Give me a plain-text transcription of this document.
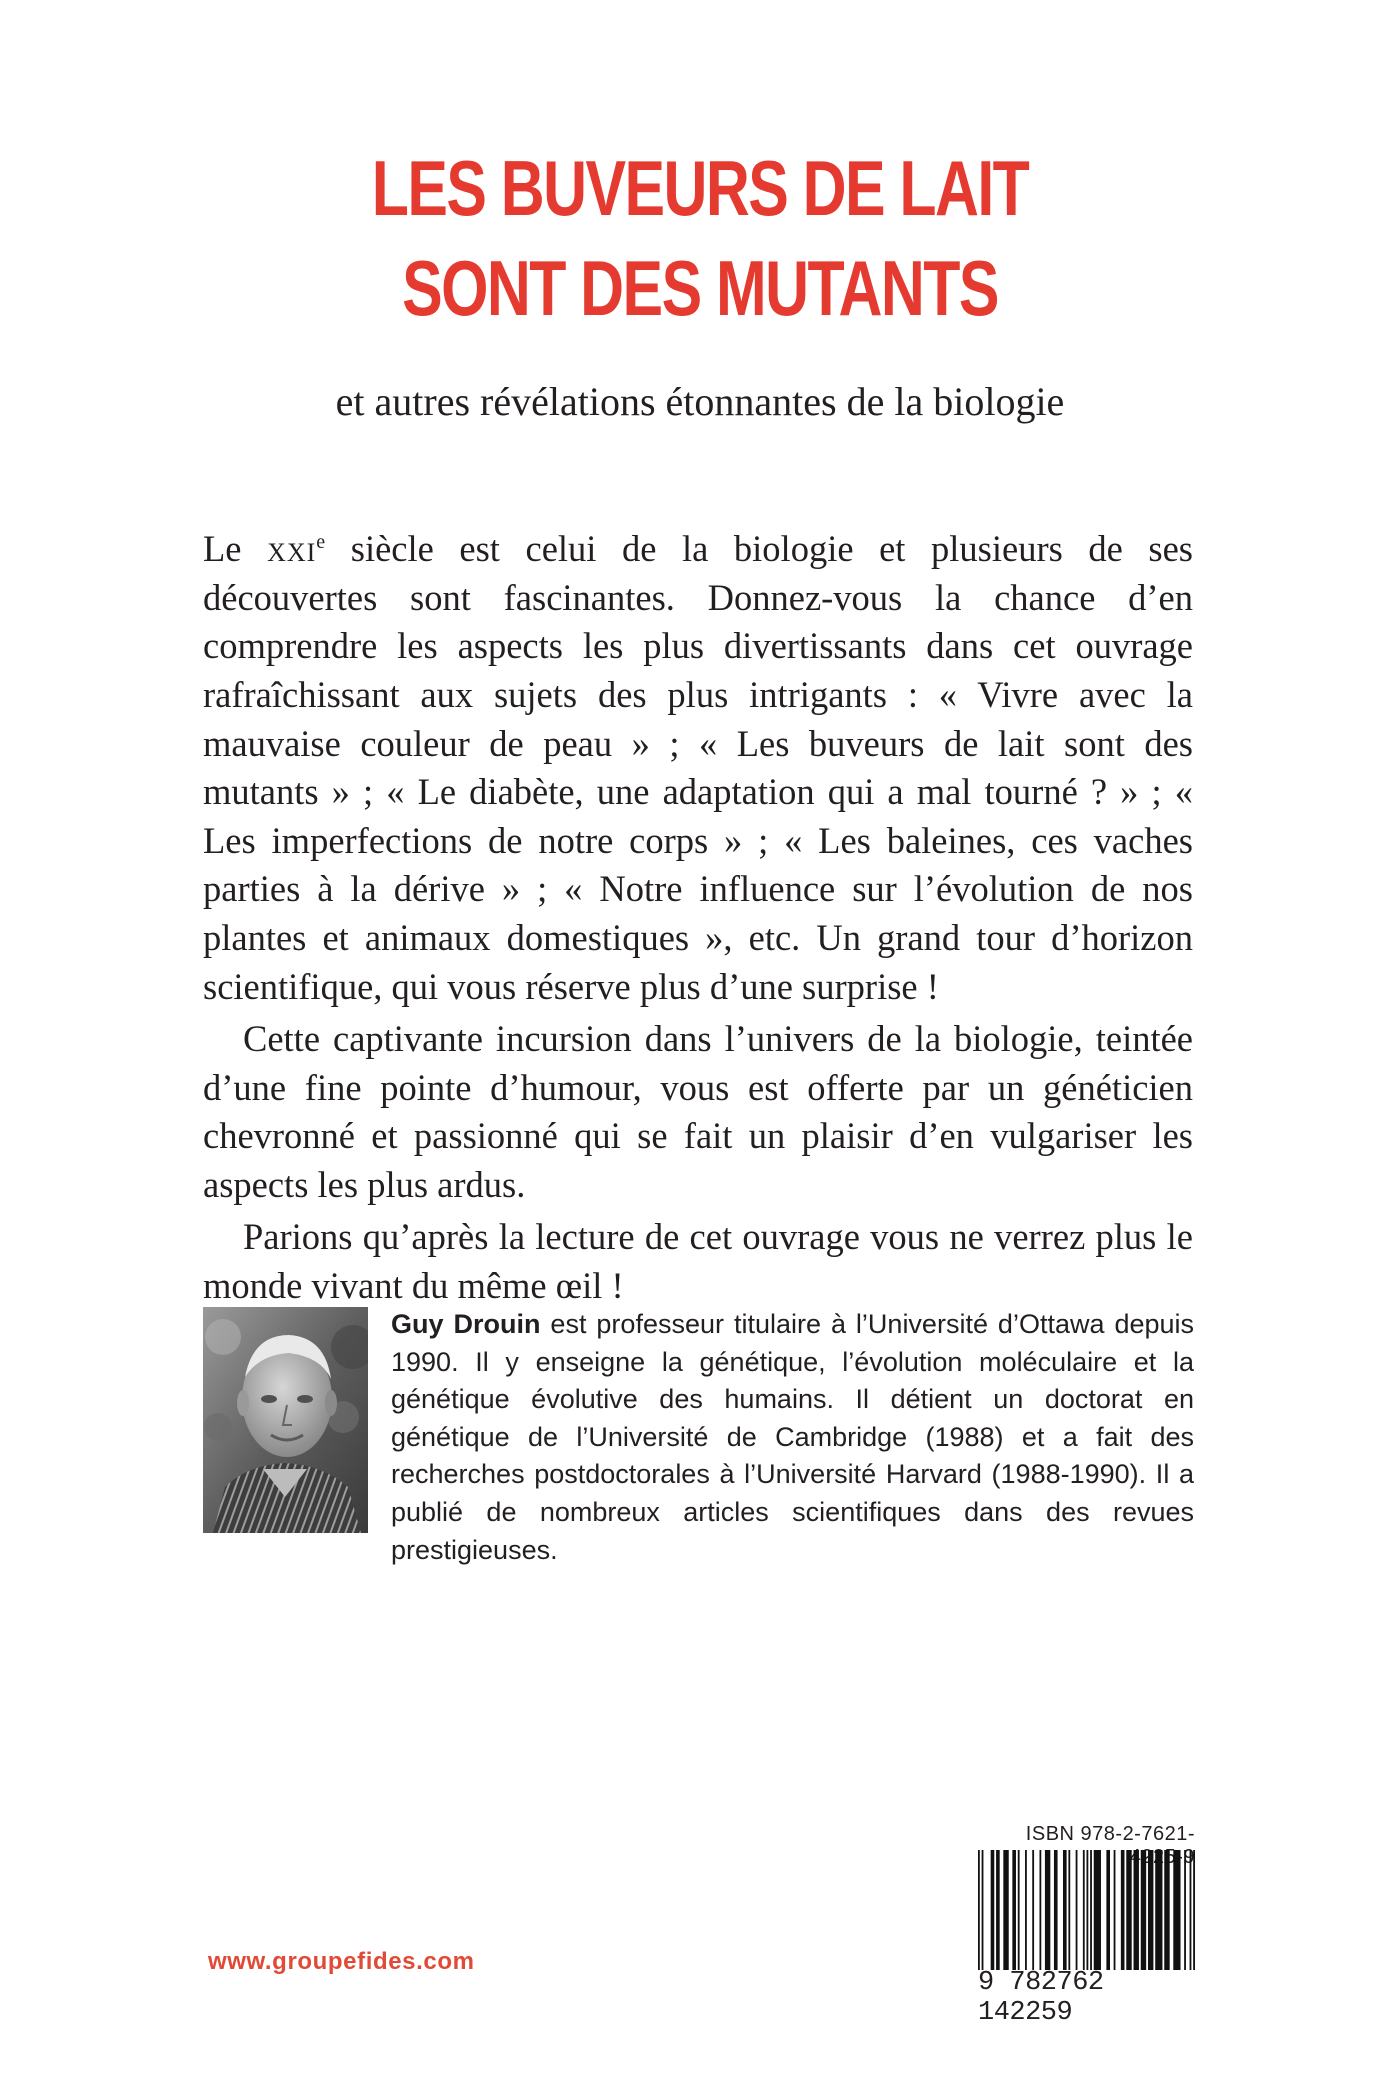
LES BUVEURS DE LAIT
SONT DES MUTANTS
et autres révélations étonnantes de la biologie

Le xxi$^e$ siècle est celui de la biologie et plusieurs de ses découvertes sont fascinantes. Donnez-vous la chance d’en comprendre les aspects les plus divertissants dans cet ouvrage rafraîchissant aux sujets des plus intrigants : « Vivre avec la mauvaise couleur de peau » ; « Les buveurs de lait sont des mutants » ; « Le diabète, une adaptation qui a mal tourné ? » ; « Les imperfections de notre corps » ; « Les baleines, ces vaches parties à la dérive » ; « Notre influence sur l’évolution de nos plantes et animaux domestiques », etc. Un grand tour d’horizon scientifique, qui vous réserve plus d’une surprise !

Cette captivante incursion dans l’univers de la biologie, teintée d’une fine pointe d’humour, vous est offerte par un généticien chevronné et passionné qui se fait un plaisir d’en vulgariser les aspects les plus ardus.

Parions qu’après la lecture de cet ouvrage vous ne verrez plus le monde vivant du même œil !

Guy Drouin est professeur titulaire à l’Université d’Ottawa depuis 1990. Il y enseigne la génétique, l’évolution moléculaire et la génétique évolutive des humains. Il détient un doctorat en génétique de l’Université de Cambridge (1988) et a fait des recherches postdoctorales à l’Université Harvard (1988-1990). Il a publié de nombreux articles scientifiques dans des revues prestigieuses.
ISBN 978-2-7621- 2 5 9
9 782762 142259
www.groupefides.com
